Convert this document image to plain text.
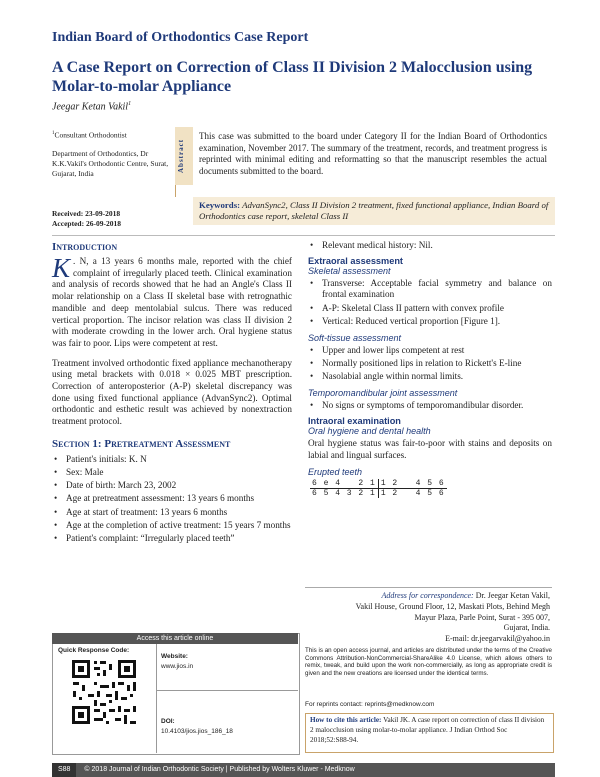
Indian Board of Orthodontics Case Report
A Case Report on Correction of Class II Division 2 Malocclusion using Molar-to-molar Appliance
Jeegar Ketan Vakil$^1$
$^1$Consultant Orthodontist
Department of Orthodontics, Dr K.K.Vakil's Orthodontic Centre, Surat, Gujarat, India
Received: 23-09-2018
Accepted: 26-09-2018
Abstract
This case was submitted to the board under Category II for the Indian Board of Orthodontics examination, November 2017. The summary of the treatment, records, and treatment progress is reprinted with minimal editing and reformatting so that the manuscript resembles the actual documents submitted to the board.
Keywords: AdvanSync2, Class II Division 2 treatment, fixed functional appliance, Indian Board of Orthodontics case report, skeletal Class II
Introduction
K . N, a 13 years 6 months male, reported with the chief complaint of irregularly placed teeth. Clinical examination and analysis of records showed that he had an Angle's Class II molar relationship on a Class II skeletal base with retrognathic mandible and deep mentolabial sulcus. There was reduced vertical proportion. The incisor relation was class II division 2 with moderate crowding in the lower arch. Oral hygiene status was fair to poor. Lips were competent at rest.
Treatment involved orthodontic fixed appliance mechanotherapy using metal brackets with 0.018 × 0.025 MBT prescription. Correction of anteroposterior (A-P) skeletal discrepancy was done using fixed functional appliance (AdvanSync2). Optimal orthodontic and esthetic result was achieved by nonextraction treatment protocol.
Section 1: Pretreatment Assessment
• Patient's initials: K. N
• Sex: Male
• Date of birth: March 23, 2002
• Age at pretreatment assessment: 13 years 6 months
• Age at start of treatment: 13 years 6 months
• Age at the completion of active treatment: 15 years 7 months
• Patient's complaint: “Irregularly placed teeth”
• Relevant medical history: Nil.
Extraoral assessment
Skeletal assessment
• Transverse: Acceptable facial symmetry and balance on frontal examination
• A-P: Skeletal Class II pattern with convex profile
• Vertical: Reduced vertical proportion [Figure 1].
Soft-tissue assessment
• Upper and lower lips competent at rest
• Normally positioned lips in relation to Rickett's E-line
• Nasolabial angle within normal limits.
Temporomandibular joint assessment
• No signs or symptoms of temporomandibular disorder.
Intraoral examination
Oral hygiene and dental health
Oral hygiene status was fair-to-poor with stains and deposits on labial and lingual surfaces.
Erupted teeth
6 e 4   2 1	1 2   4 5 6
6 5 4 3 2 1	1 2   4 5 6
Address for correspondence: Dr. Jeegar Ketan Vakil,
Vakil House, Ground Floor, 12, Maskati Plots, Behind Megh
Mayur Plaza, Parle Point, Surat - 395 007,
Gujarat, India.
E-mail: dr.jeegarvakil@yahoo.in
This is an open access journal, and articles are distributed under the terms of the Creative Commons Attribution-NonCommercial-ShareAlike 4.0 License, which allows others to remix, tweak, and build upon the work non-commercially, as long as appropriate credit is given and the new creations are licensed under the identical terms.
For reprints contact: reprints@medknow.com
How to cite this article: Vakil JK. A case report on correction of class II division 2 malocclusion using molar-to-molar appliance. J Indian Orthod Soc 2018;52:S88-94.
Access this article online
Quick Response Code:
Website:
www.jios.in
DOI:
10.4103/jios.jios_186_18
S88 © 2018 Journal of Indian Orthodontic Society | Published by Wolters Kluwer - Medknow
